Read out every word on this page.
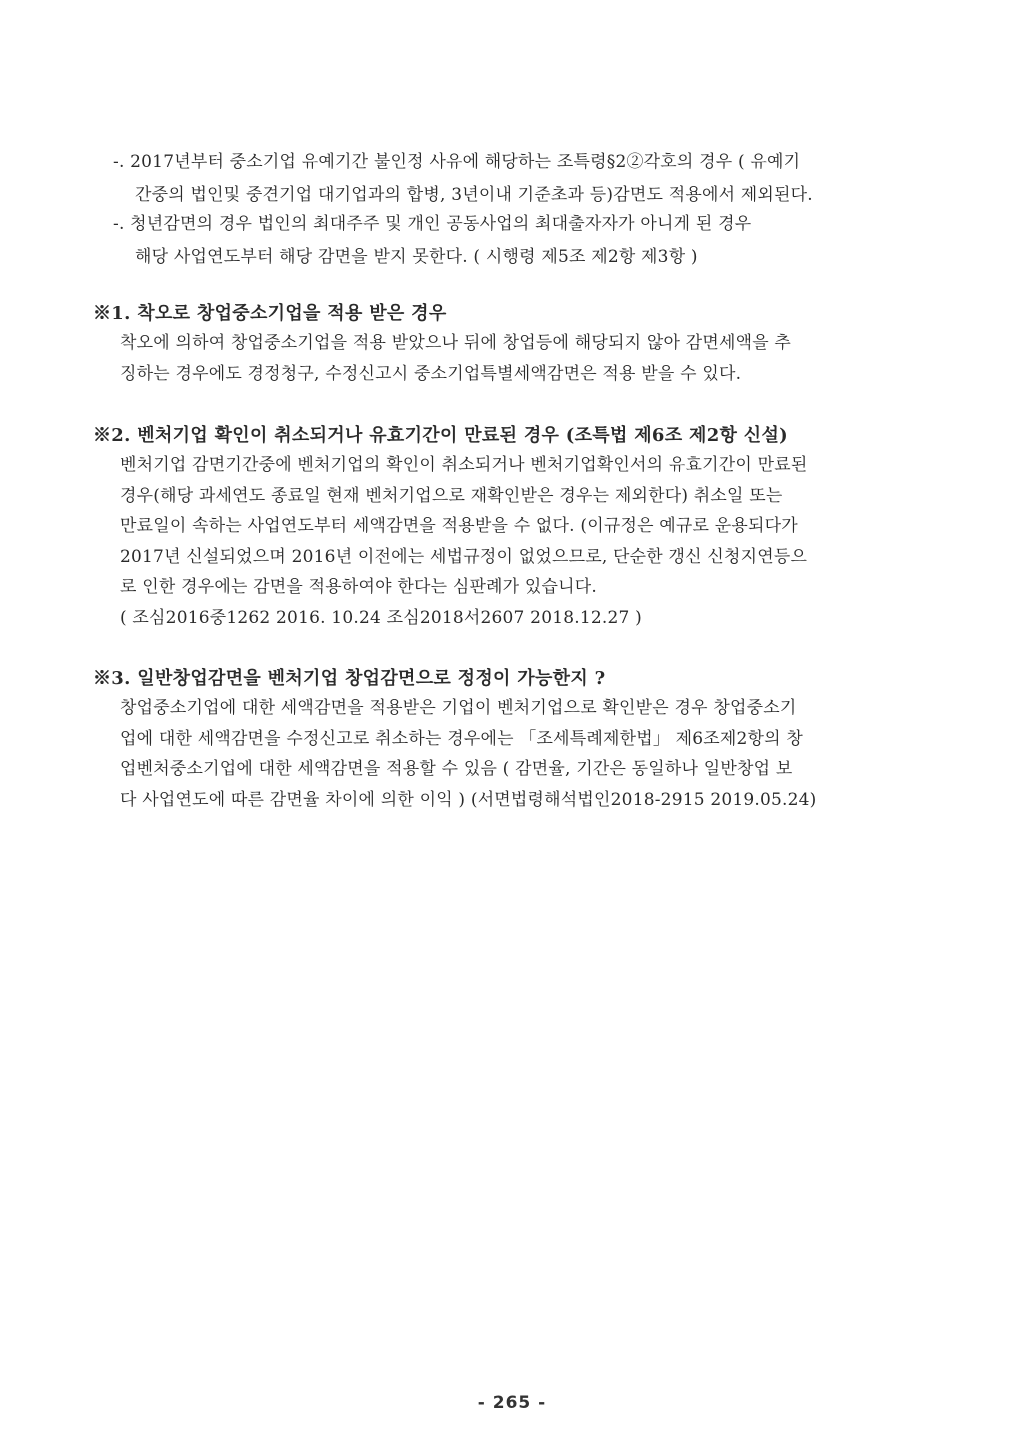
-. 2017년부터 중소기업 유예기간 불인정 사유에 해당하는 조특령§2②각호의 경우 ( 유예기
간중의 법인및 중견기업 대기업과의 합병, 3년이내 기준초과 등)감면도 적용에서 제외된다.
-. 청년감면의 경우 법인의 최대주주 및 개인 공동사업의 최대출자자가 아니게 된 경우
해당 사업연도부터 해당 감면을 받지 못한다. ( 시행령 제5조 제2항 제3항 )
※1. 착오로 창업중소기업을 적용 받은 경우
착오에 의하여 창업중소기업을 적용 받았으나 뒤에 창업등에 해당되지 않아 감면세액을 추
징하는 경우에도 경정청구, 수정신고시 중소기업특별세액감면은 적용 받을 수 있다.
※2. 벤처기업 확인이 취소되거나 유효기간이 만료된 경우 (조특법 제6조 제2항 신설)
벤처기업 감면기간중에 벤처기업의 확인이 취소되거나 벤처기업확인서의 유효기간이 만료된
경우(해당 과세연도 종료일 현재 벤처기업으로 재확인받은 경우는 제외한다) 취소일 또는
만료일이 속하는 사업연도부터 세액감면을 적용받을 수 없다. (이규정은 예규로 운용되다가
2017년 신설되었으며 2016년 이전에는 세법규정이 없었으므로, 단순한 갱신 신청지연등으
로 인한 경우에는 감면을 적용하여야 한다는 심판례가 있습니다.
( 조심2016중1262 2016. 10.24 조심2018서2607 2018.12.27 )
※3. 일반창업감면을 벤처기업 창업감면으로 정정이 가능한지 ?
창업중소기업에 대한 세액감면을 적용받은 기업이 벤처기업으로 확인받은 경우 창업중소기
업에 대한 세액감면을 수정신고로 취소하는 경우에는 「조세특례제한법」 제6조제2항의 창
업벤처중소기업에 대한 세액감면을 적용할 수 있음 ( 감면율, 기간은 동일하나 일반창업 보
다 사업연도에 따른 감면율 차이에 의한 이익 ) (서면법령해석법인2018-2915 2019.05.24)
- 265 -
